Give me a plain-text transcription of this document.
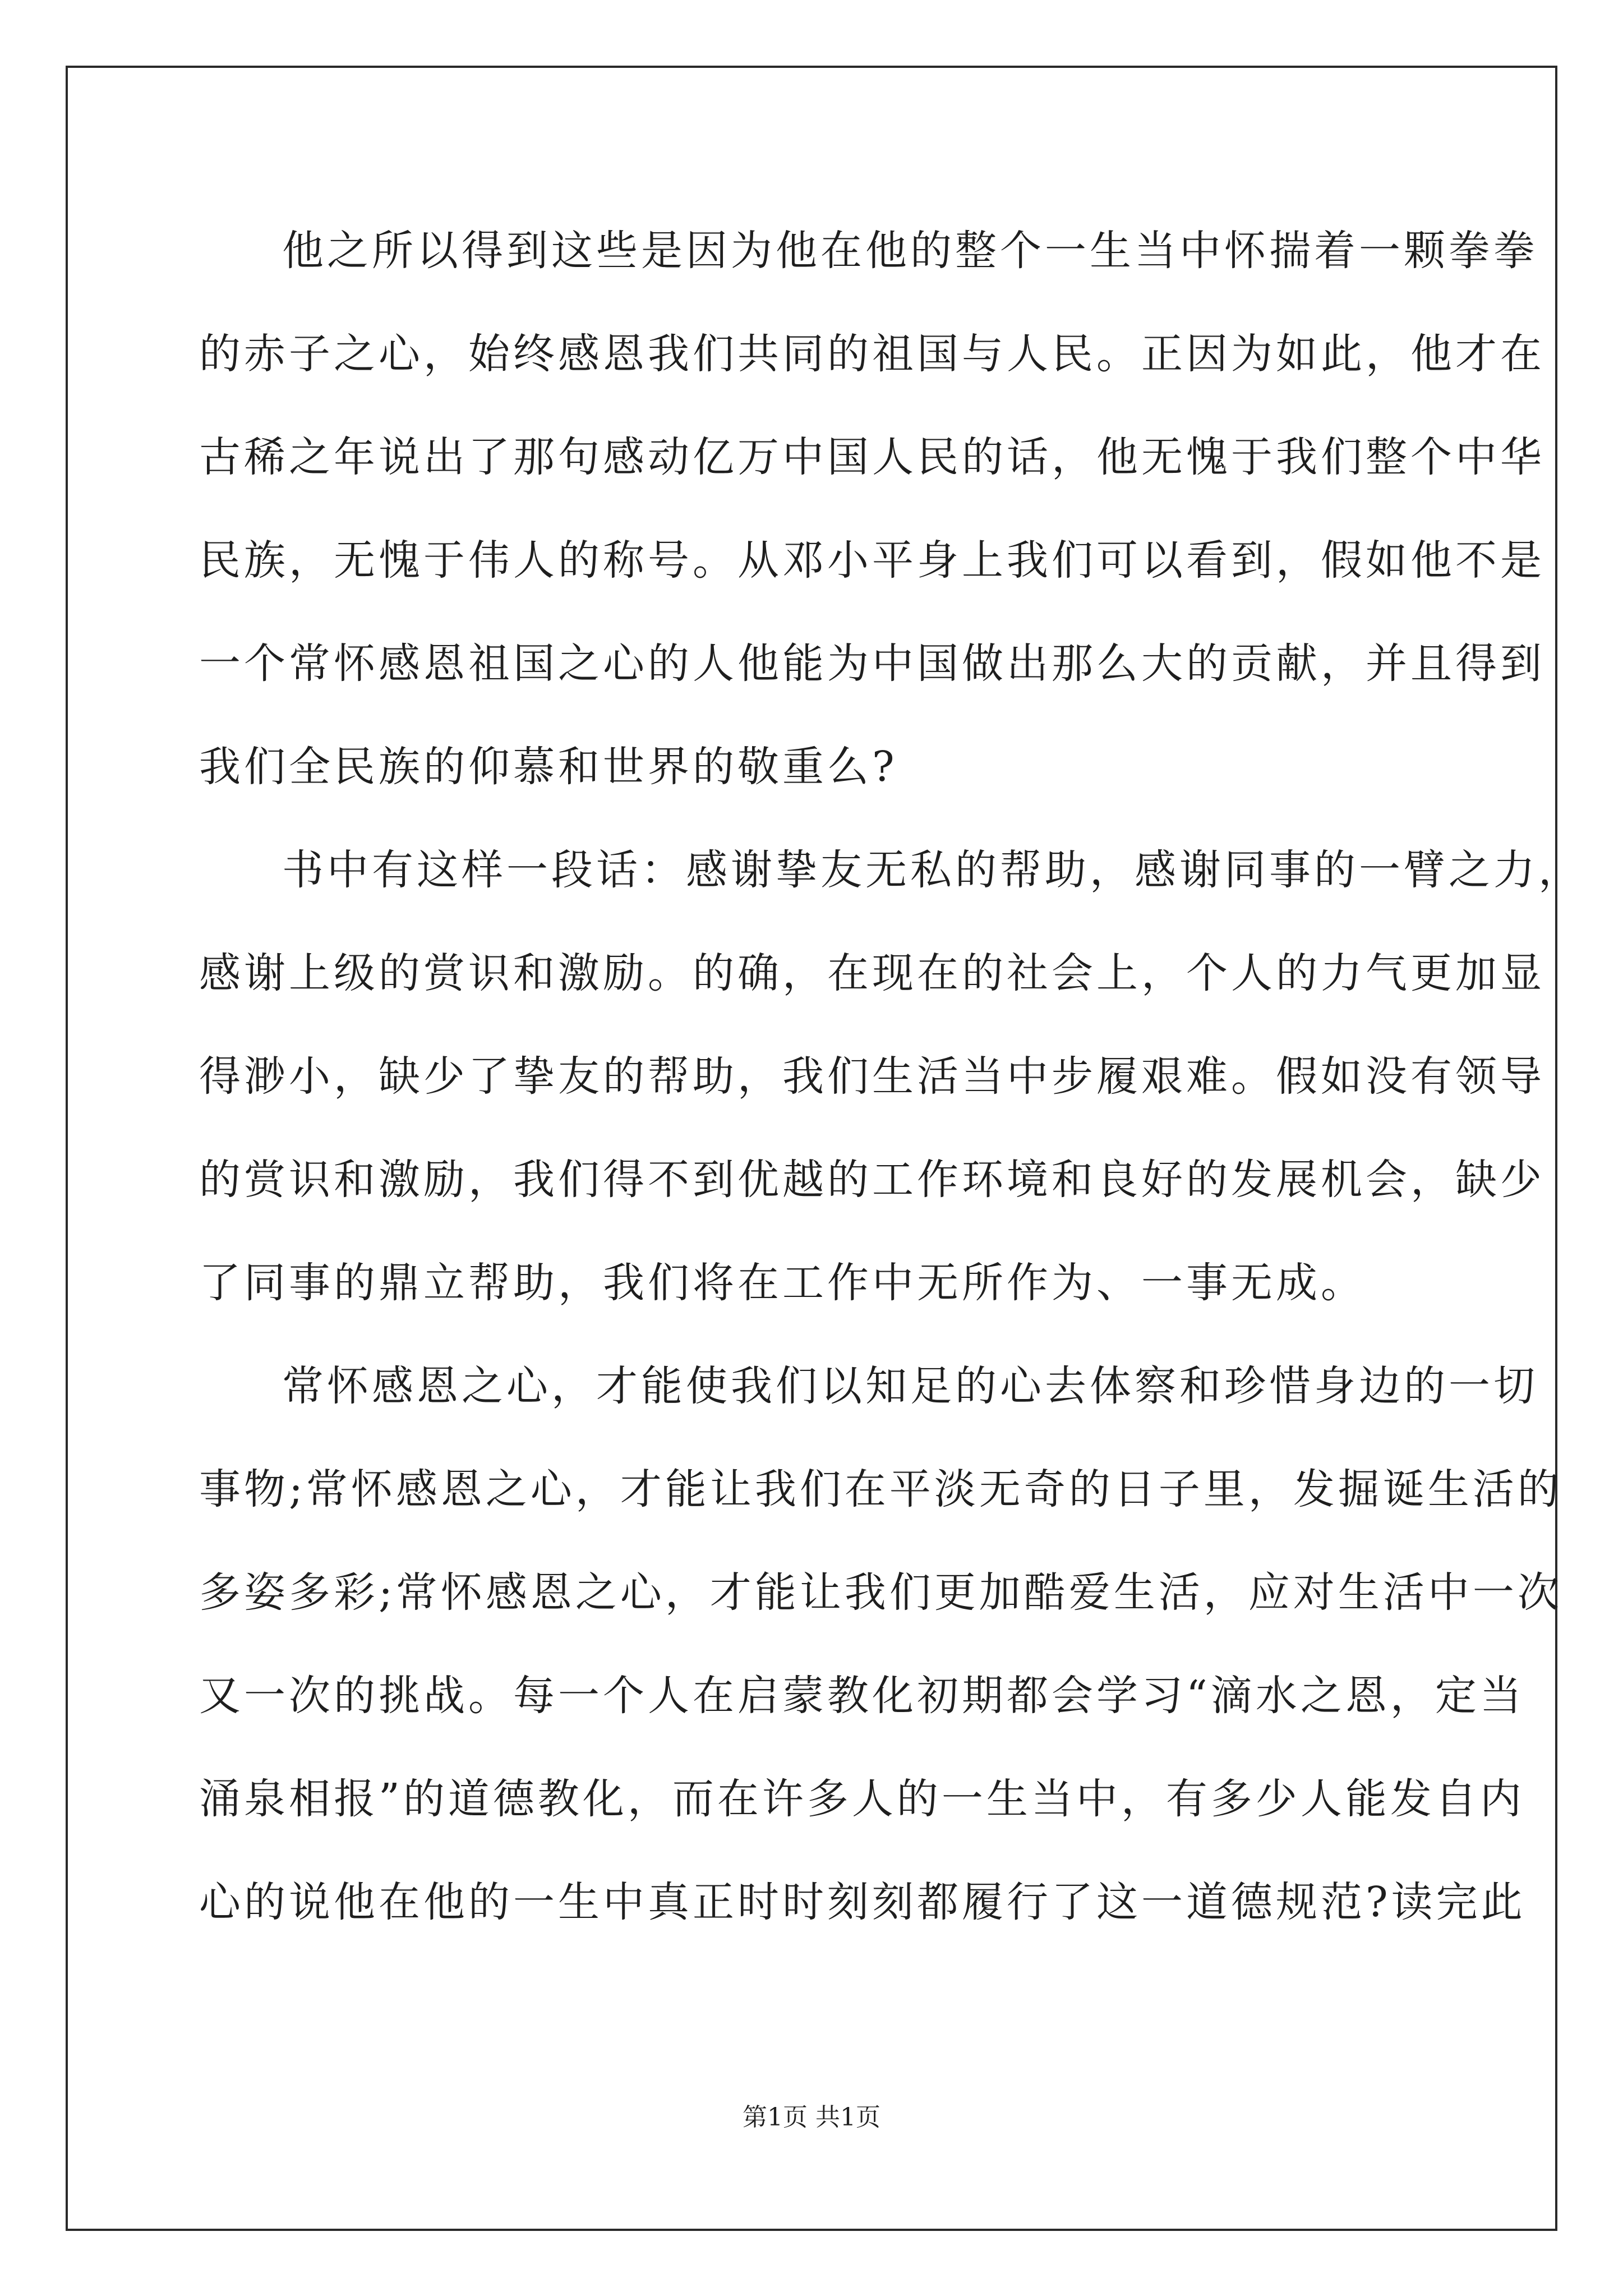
他之所以得到这些是因为他在他的整个一生当中怀揣着一颗拳拳
的赤子之心，始终感恩我们共同的祖国与人民。正因为如此，他才在
古稀之年说出了那句感动亿万中国人民的话，他无愧于我们整个中华
民族，无愧于伟人的称号。从邓小平身上我们可以看到，假如他不是
一个常怀感恩祖国之心的人他能为中国做出那么大的贡献，并且得到
我们全民族的仰慕和世界的敬重么?
书中有这样一段话：感谢挚友无私的帮助，感谢同事的一臂之力，
感谢上级的赏识和激励。的确，在现在的社会上，个人的力气更加显
得渺小，缺少了挚友的帮助，我们生活当中步履艰难。假如没有领导
的赏识和激励，我们得不到优越的工作环境和良好的发展机会，缺少
了同事的鼎立帮助，我们将在工作中无所作为、一事无成。
常怀感恩之心，才能使我们以知足的心去体察和珍惜身边的一切
事物;常怀感恩之心，才能让我们在平淡无奇的日子里，发掘诞生活的
多姿多彩;常怀感恩之心，才能让我们更加酷爱生活，应对生活中一次
又一次的挑战。每一个人在启蒙教化初期都会学习“滴水之恩，定当
涌泉相报”的道德教化，而在许多人的一生当中，有多少人能发自内
心的说他在他的一生中真正时时刻刻都履行了这一道德规范?读完此
第1页 共1页
